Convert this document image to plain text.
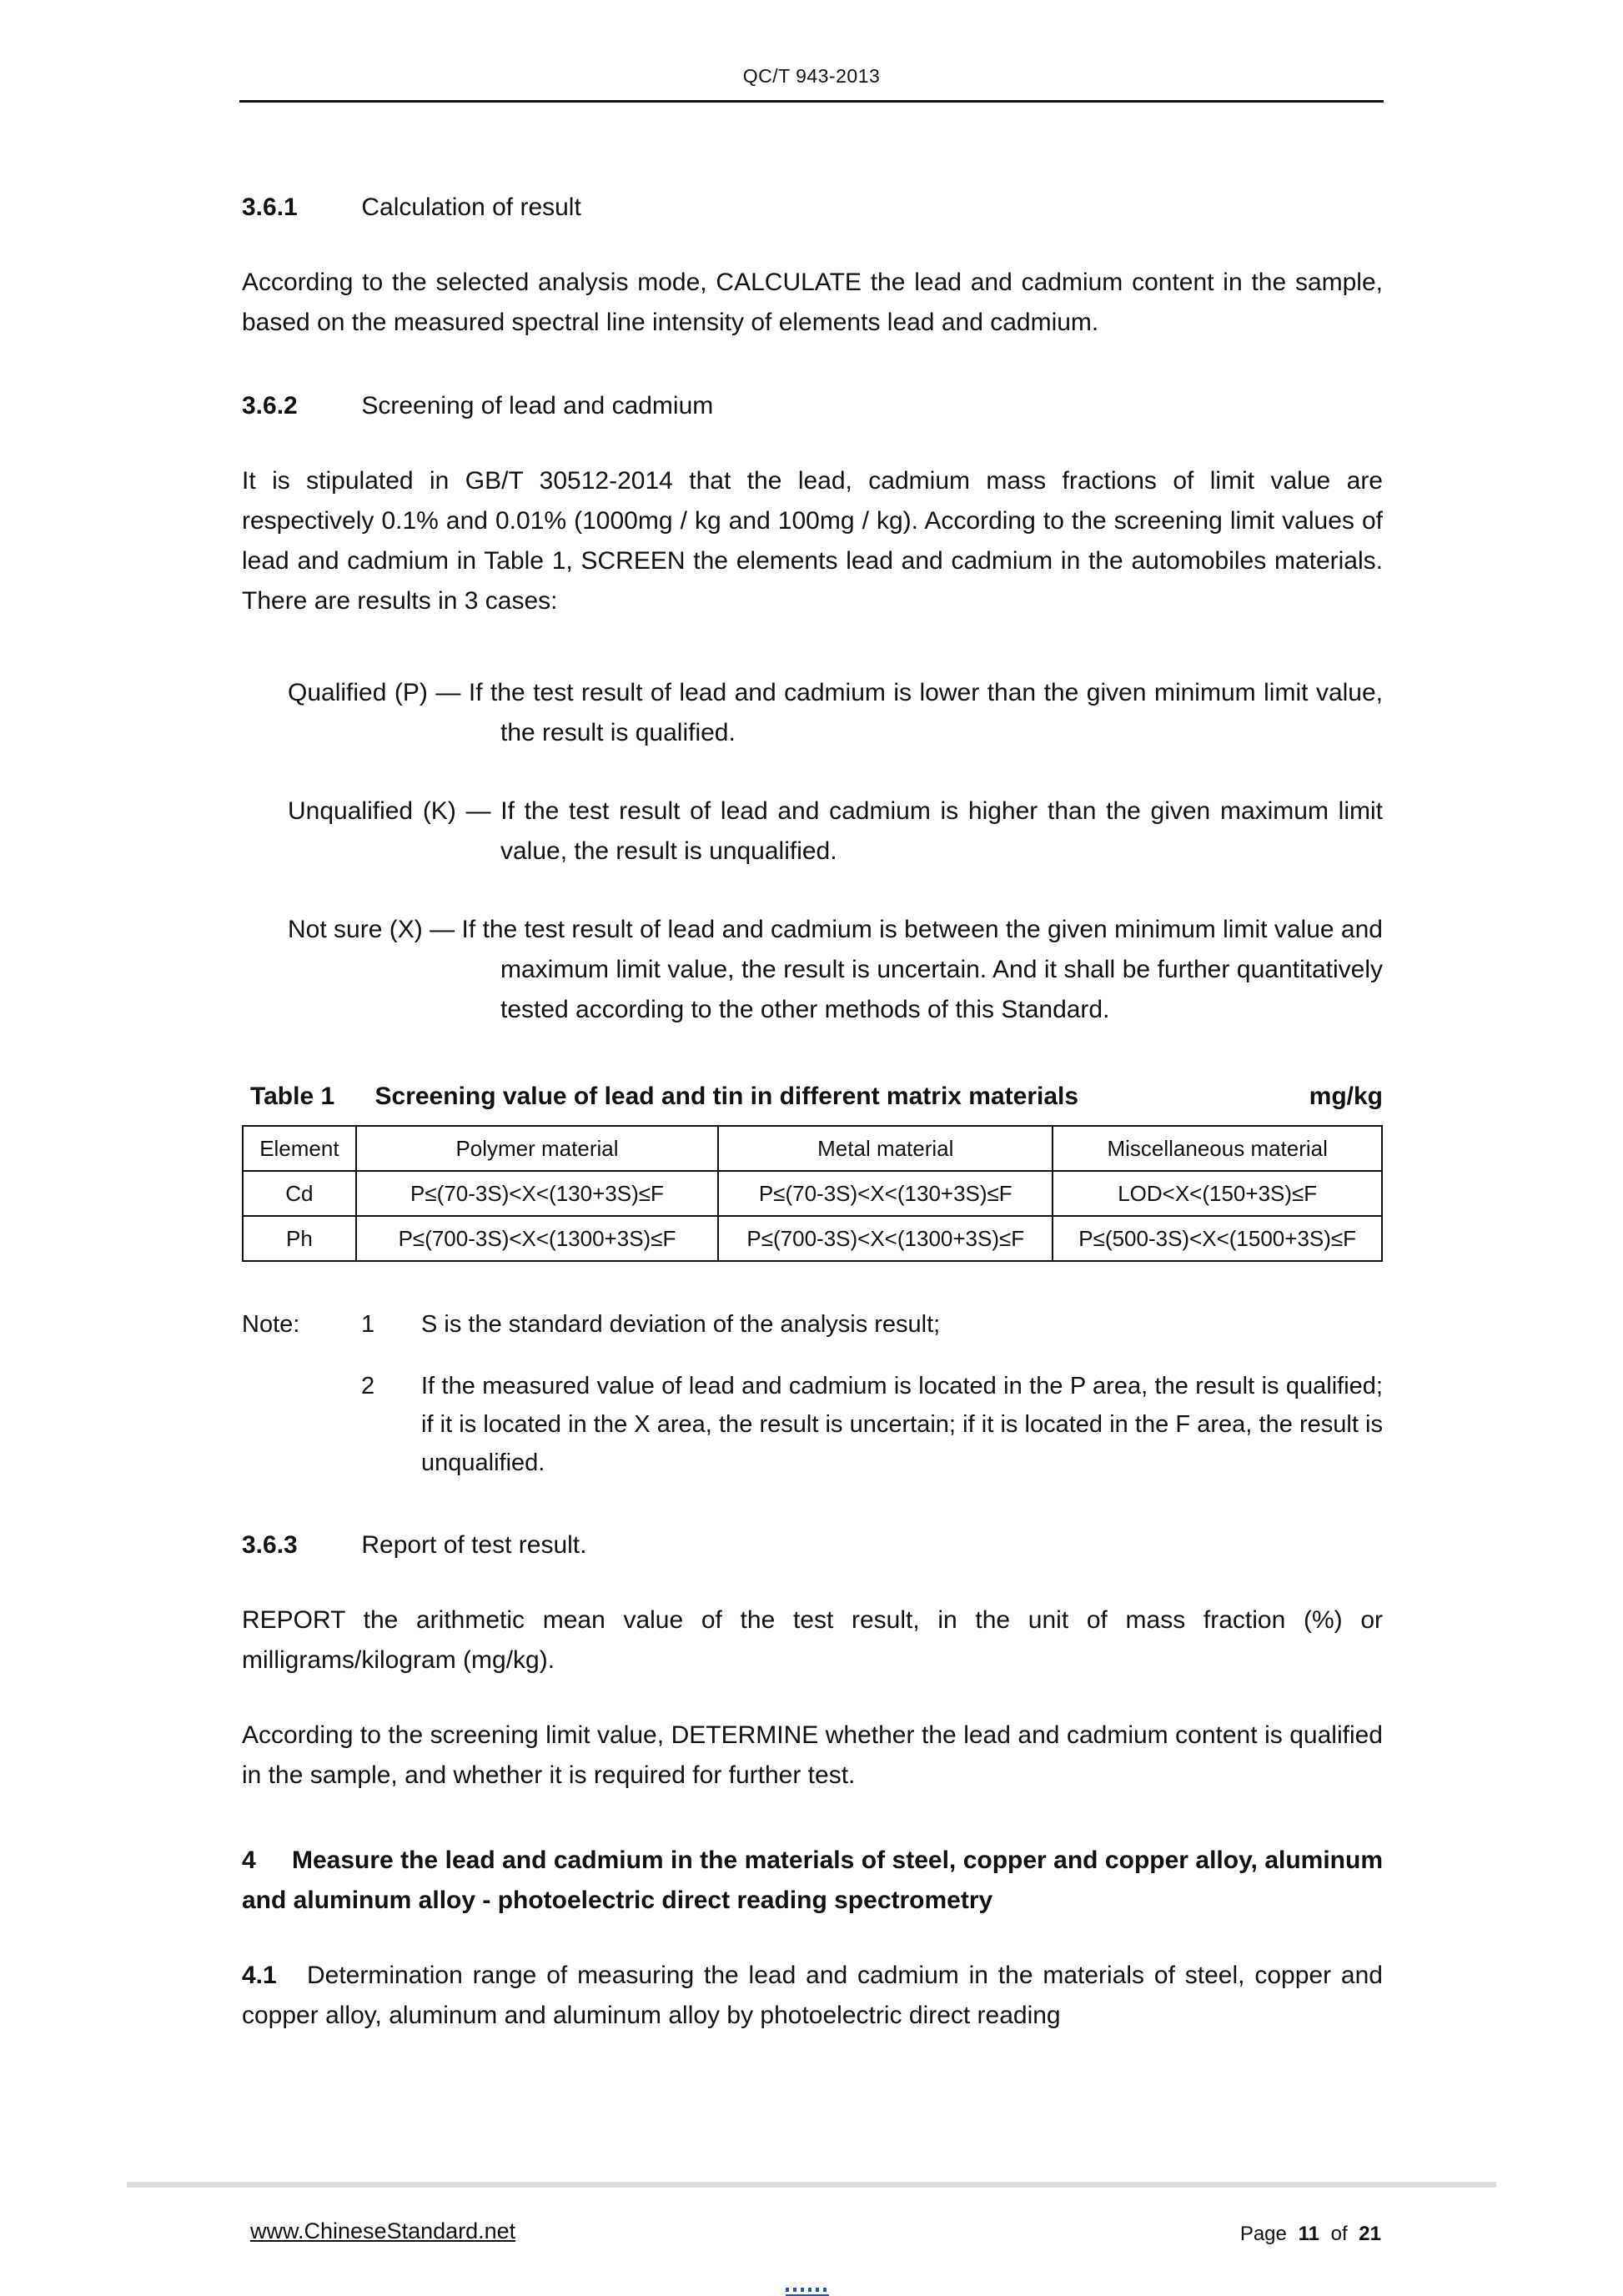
QC/T 943-2013

3.6.1	Calculation of result

According to the selected analysis mode, CALCULATE the lead and cadmium content in the sample, based on the measured spectral line intensity of elements lead and cadmium.

3.6.2	Screening of lead and cadmium

It is stipulated in GB/T 30512-2014 that the lead, cadmium mass fractions of limit value are respectively 0.1% and 0.01% (1000mg / kg and 100mg / kg). According to the screening limit values of lead and cadmium in Table 1, SCREEN the elements lead and cadmium in the automobiles materials. There are results in 3 cases:

Qualified (P) — If the test result of lead and cadmium is lower than the given minimum limit value, the result is qualified.

Unqualified (K) — If the test result of lead and cadmium is higher than the given maximum limit value, the result is unqualified.

Not sure (X) — If the test result of lead and cadmium is between the given minimum limit value and maximum limit value, the result is uncertain. And it shall be further quantitatively tested according to the other methods of this Standard.

Table 1 Screening value of lead and tin in different matrix materials	mg/kg
Element	Polymer material	Metal material	Miscellaneous material
Cd	P≤(70-3S)<X<(130+3S)≤F	P≤(70-3S)<X<(130+3S)≤F	LOD<X<(150+3S)≤F
Ph	P≤(700-3S)<X<(1300+3S)≤F	P≤(700-3S)<X<(1300+3S)≤F	P≤(500-3S)<X<(1500+3S)≤F
Note:	1	S is the standard deviation of the analysis result;
2	If the measured value of lead and cadmium is located in the P area, the result is qualified; if it is located in the X area, the result is uncertain; if it is located in the F area, the result is unqualified.

3.6.3	Report of test result.

REPORT the arithmetic mean value of the test result, in the unit of mass fraction (%) or milligrams/kilogram (mg/kg).

According to the screening limit value, DETERMINE whether the lead and cadmium content is qualified in the sample, and whether it is required for further test.

4 Measure the lead and cadmium in the materials of steel, copper and copper alloy, aluminum and aluminum alloy - photoelectric direct reading spectrometry

4.1 Determination range of measuring the lead and cadmium in the materials of steel, copper and copper alloy, aluminum and aluminum alloy by photoelectric direct reading

www.ChineseStandard.net	Page 11 of 21
